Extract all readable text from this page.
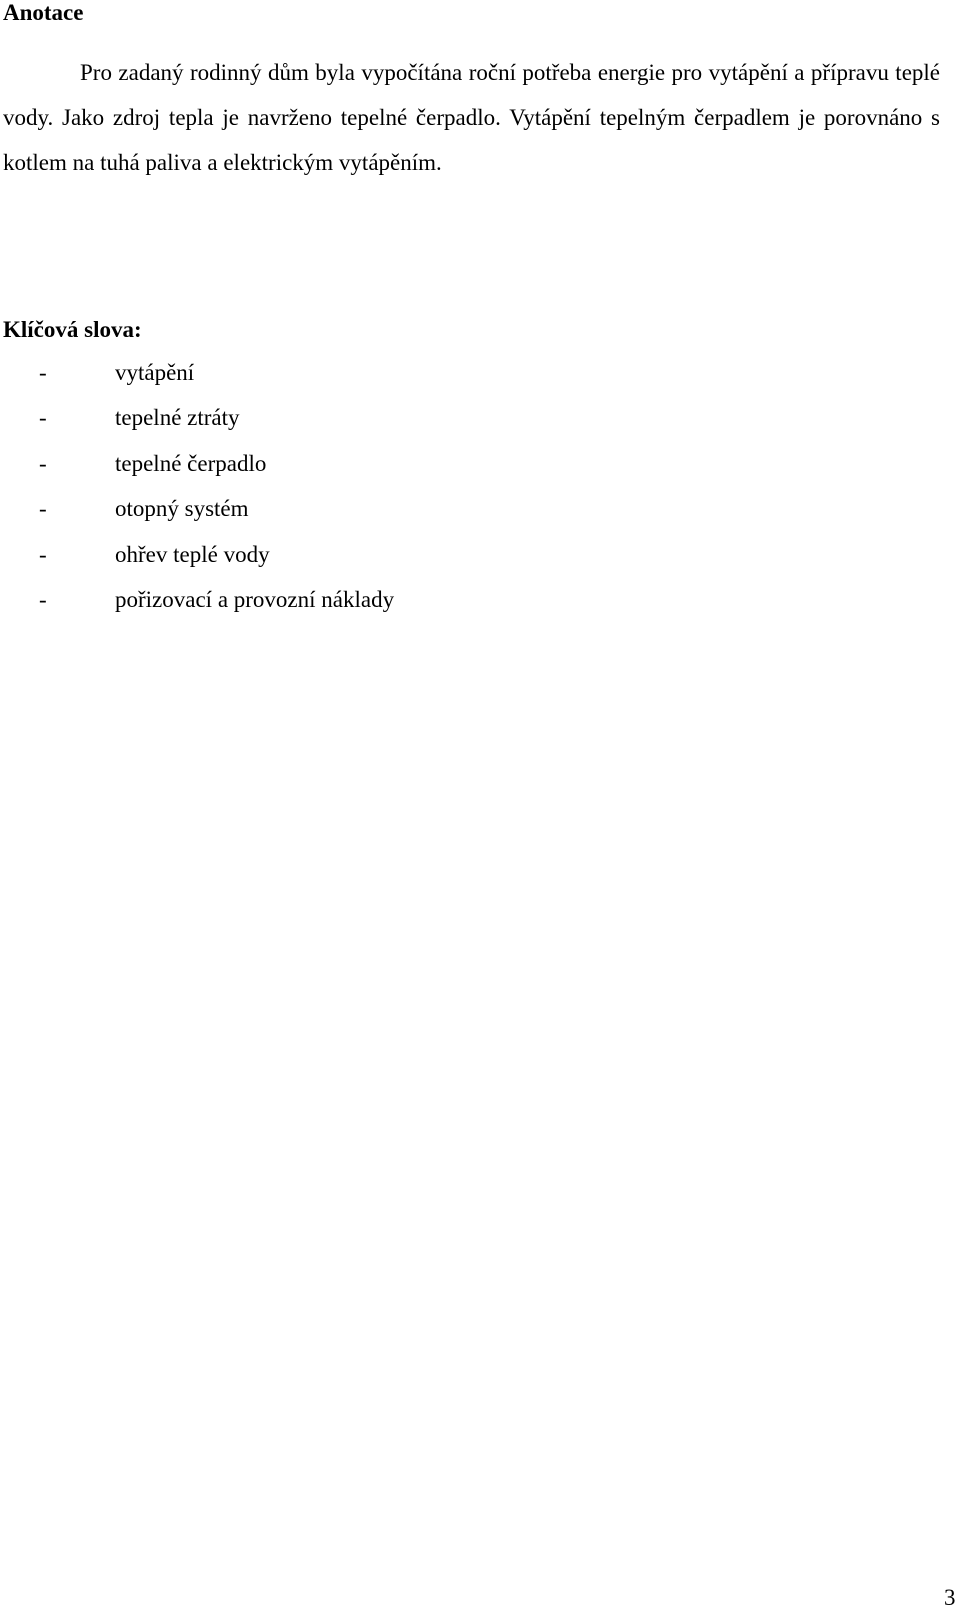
Anotace

Pro zadaný rodinný dům byla vypočítána roční potřeba energie pro vytápění a přípravu teplé vody. Jako zdroj tepla je navrženo tepelné čerpadlo. Vytápění tepelným čerpadlem je porovnáno s kotlem na tuhá paliva a elektrickým vytápěním.

Klíčová slova:
-	vytápění
-	tepelné ztráty
-	tepelné čerpadlo
-	otopný systém
-	ohřev teplé vody
-	pořizovací a provozní náklady
3
